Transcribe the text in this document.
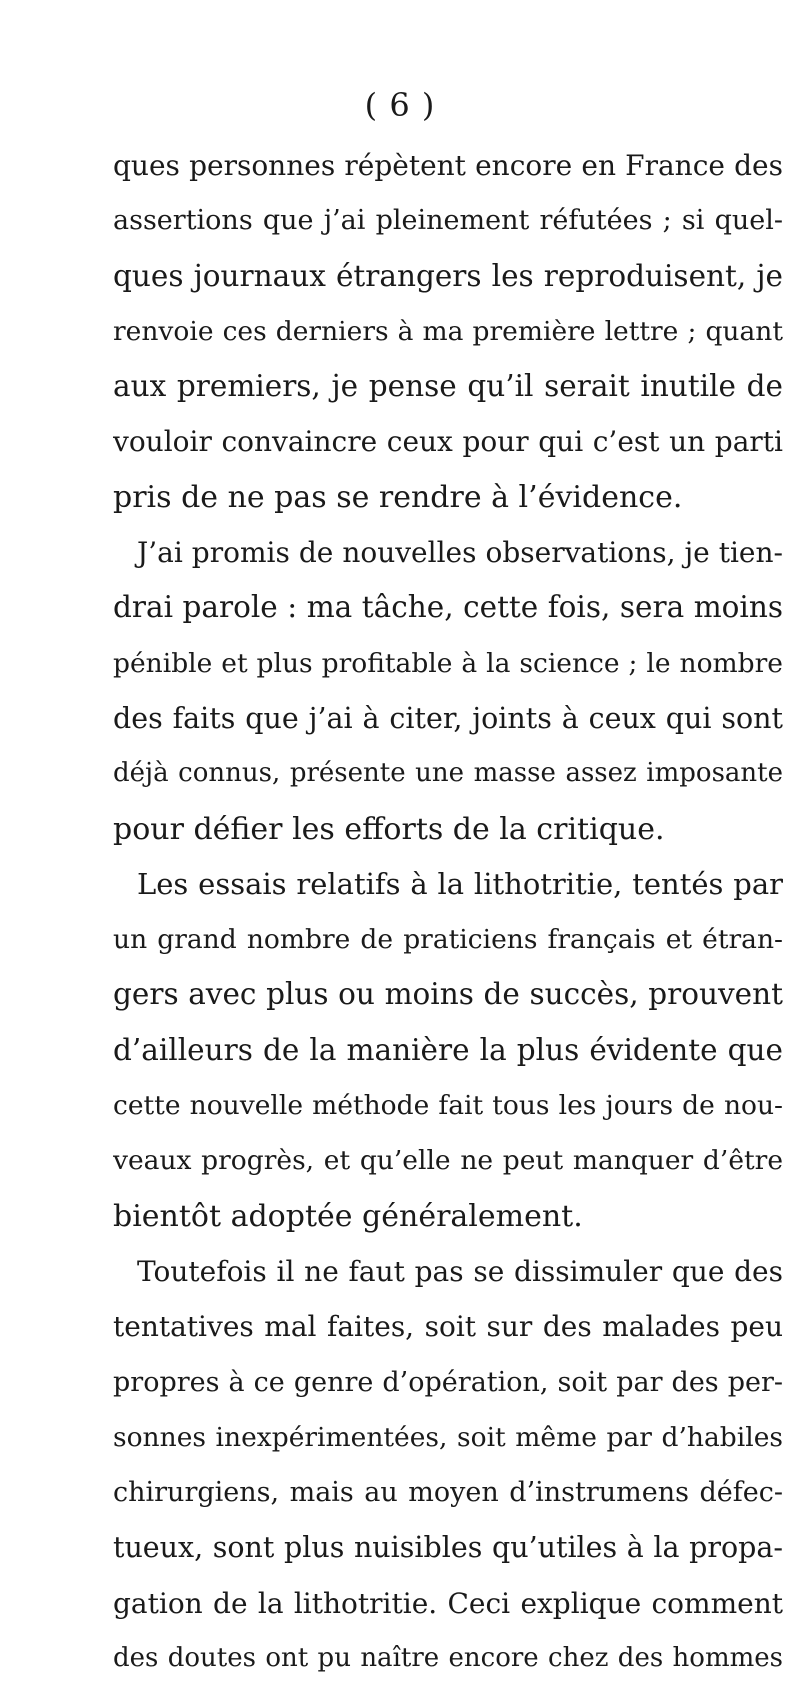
( 6 )
ques personnes répètent encore en France des
assertions que j’ai pleinement réfutées ; si quel-
ques journaux étrangers les reproduisent, je
renvoie ces derniers à ma première lettre ; quant
aux premiers, je pense qu’il serait inutile de
vouloir convaincre ceux pour qui c’est un parti
pris de ne pas se rendre à l’évidence.
J’ai promis de nouvelles observations, je tien-
drai parole : ma tâche, cette fois, sera moins
pénible et plus profitable à la science ; le nombre
des faits que j’ai à citer, joints à ceux qui sont
déjà connus, présente une masse assez imposante
pour défier les efforts de la critique.
Les essais relatifs à la lithotritie, tentés par
un grand nombre de praticiens français et étran-
gers avec plus ou moins de succès, prouvent
d’ailleurs de la manière la plus évidente que
cette nouvelle méthode fait tous les jours de nou-
veaux progrès, et qu’elle ne peut manquer d’être
bientôt adoptée généralement.
Toutefois il ne faut pas se dissimuler que des
tentatives mal faites, soit sur des malades peu
propres à ce genre d’opération, soit par des per-
sonnes inexpérimentées, soit même par d’habiles
chirurgiens, mais au moyen d’instrumens défec-
tueux, sont plus nuisibles qu’utiles à la propa-
gation de la lithotritie. Ceci explique comment
des doutes ont pu naître encore chez des hommes
